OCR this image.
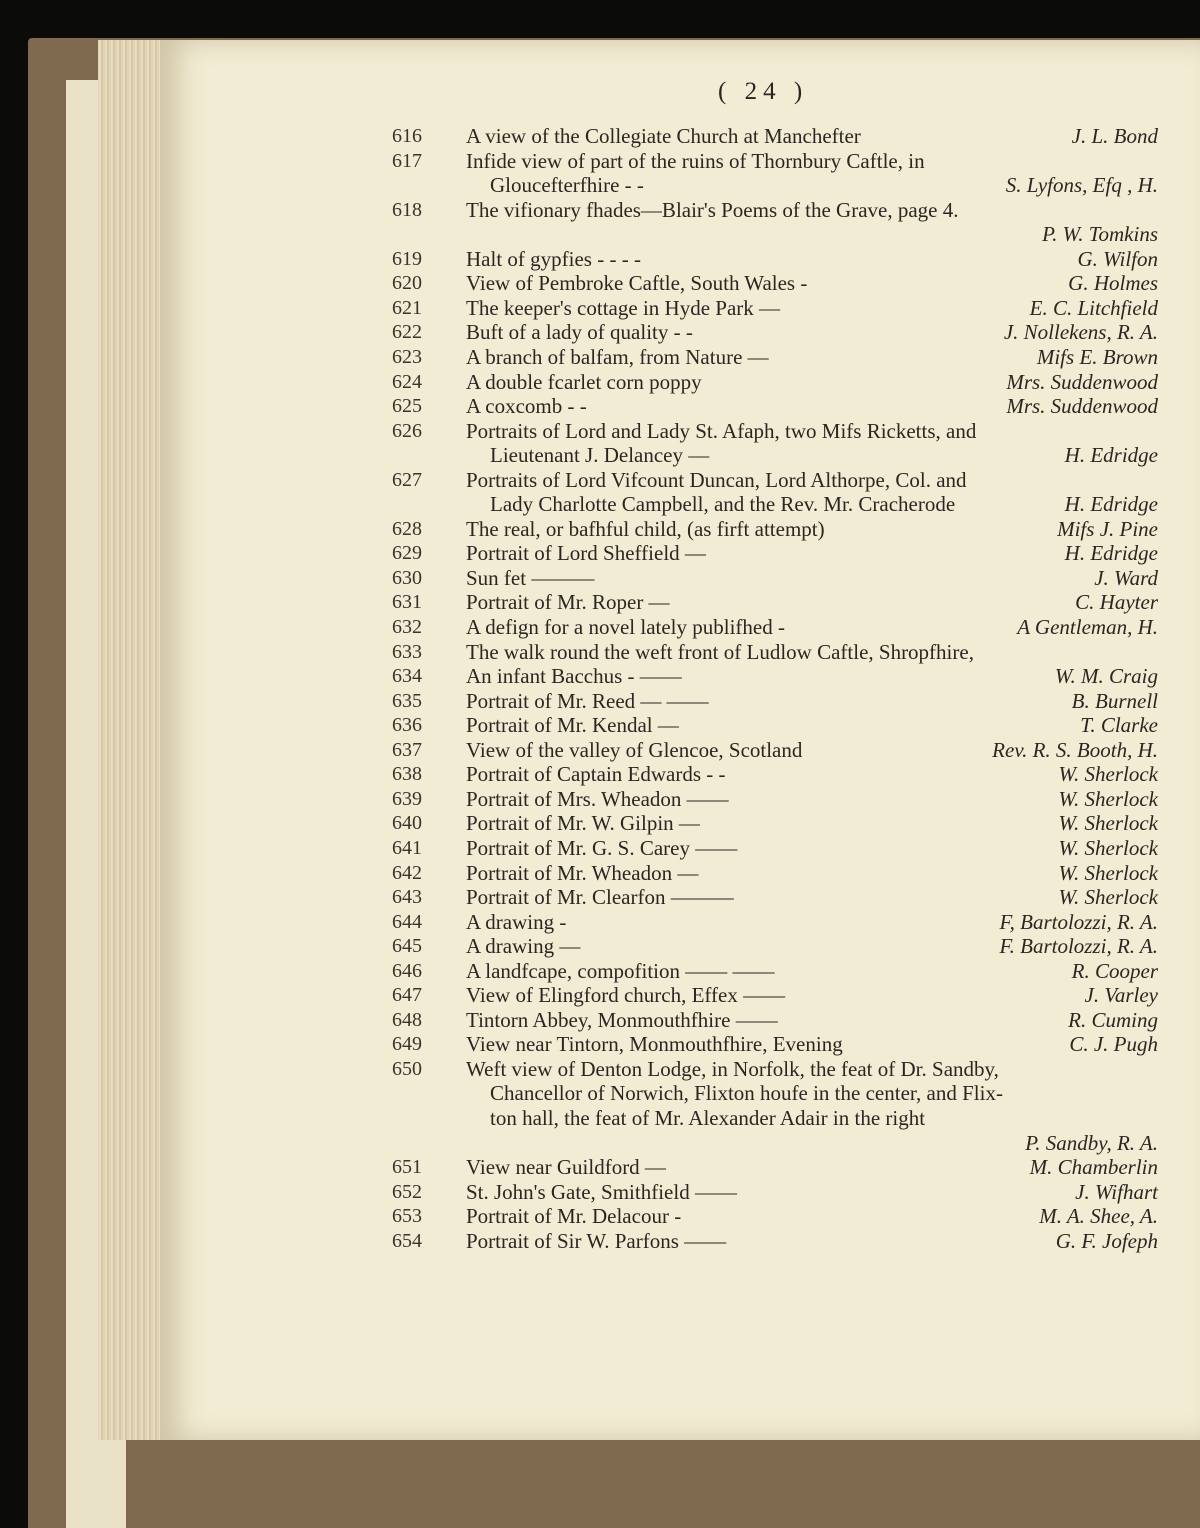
( 24 )
616	A view of the Collegiate Church at Manchefter	J. L. Bond
617	Infide view of part of the ruins of Thornbury Caftle, in
Gloucefterfhire - -	S. Lyfons, Efq , H.
618	The vifionary fhades—Blair's Poems of the Grave, page 4.
P. W. Tomkins
619	Halt of gypfies - - - -	G. Wilfon
620	View of Pembroke Caftle, South Wales -	G. Holmes
621	The keeper's cottage in Hyde Park —	E. C. Litchfield
622	Buft of a lady of quality - -	J. Nollekens, R. A.
623	A branch of balfam, from Nature —	Mifs E. Brown
624	A double fcarlet corn poppy	Mrs. Suddenwood
625	A coxcomb - -	Mrs. Suddenwood
626	Portraits of Lord and Lady St. Afaph, two Mifs Ricketts, and
Lieutenant J. Delancey —	H. Edridge
627	Portraits of Lord Vifcount Duncan, Lord Althorpe, Col. and
Lady Charlotte Campbell, and the Rev. Mr. Cracherode	H. Edridge
628	The real, or bafhful child, (as firft attempt)	Mifs J. Pine
629	Portrait of Lord Sheffield —	H. Edridge
630	Sun fet ———	J. Ward
631	Portrait of Mr. Roper —	C. Hayter
632	A defign for a novel lately publifhed -	A Gentleman, H.
633	The walk round the weft front of Ludlow Caftle, Shropfhire,
634	An infant Bacchus - ——	W. M. Craig
635	Portrait of Mr. Reed — ——	B. Burnell
636	Portrait of Mr. Kendal —	T. Clarke
637	View of the valley of Glencoe, Scotland	Rev. R. S. Booth, H.
638	Portrait of Captain Edwards - -	W. Sherlock
639	Portrait of Mrs. Wheadon ——	W. Sherlock
640	Portrait of Mr. W. Gilpin —	W. Sherlock
641	Portrait of Mr. G. S. Carey ——	W. Sherlock
642	Portrait of Mr. Wheadon —	W. Sherlock
643	Portrait of Mr. Clearfon ———	W. Sherlock
644	A drawing -	F, Bartolozzi, R. A.
645	A drawing —	F. Bartolozzi, R. A.
646	A landfcape, compofition —— ——	R. Cooper
647	View of Elingford church, Effex ——	J. Varley
648	Tintorn Abbey, Monmouthfhire ——	R. Cuming
649	View near Tintorn, Monmouthfhire, Evening	C. J. Pugh
650	Weft view of Denton Lodge, in Norfolk, the feat of Dr. Sandby,
Chancellor of Norwich, Flixton houfe in the center, and Flix-
ton hall, the feat of Mr. Alexander Adair in the right
P. Sandby, R. A.
651	View near Guildford —	M. Chamberlin
652	St. John's Gate, Smithfield ——	J. Wifhart
653	Portrait of Mr. Delacour -	M. A. Shee, A.
654	Portrait of Sir W. Parfons ——	G. F. Jofeph
